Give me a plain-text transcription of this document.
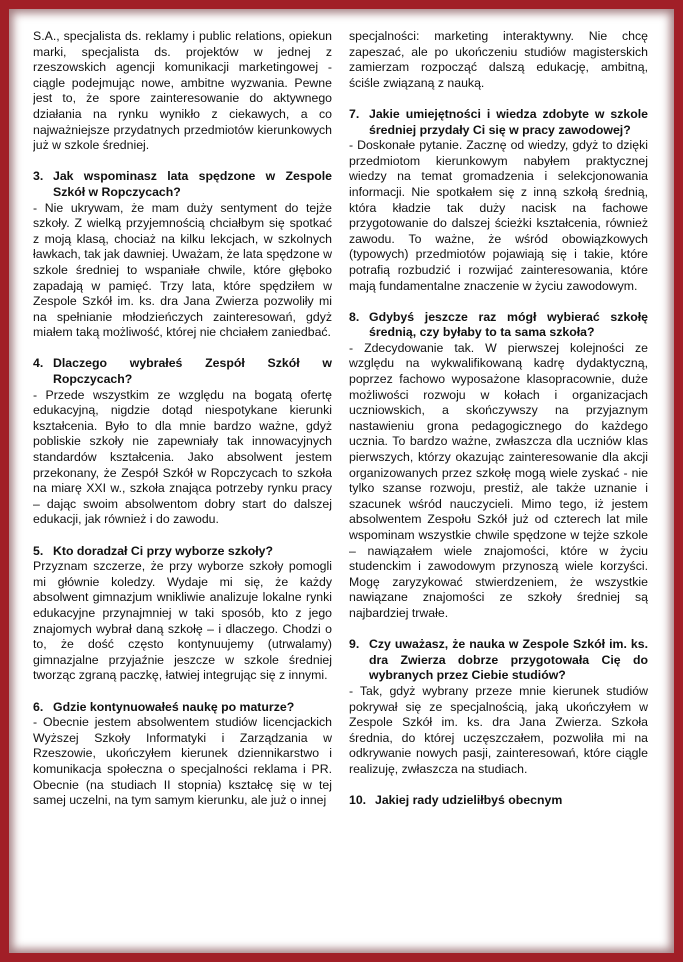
S.A., specjalista ds. reklamy i public relations, opiekun marki, specjalista ds. projektów w jednej z rzeszowskich agencji komunikacji marketingowej - ciągle podejmując nowe, ambitne wyzwania. Pewne jest to, że spore zainteresowanie do aktywnego działania na rynku wynikło z ciekawych, a co najważniejsze przydatnych przedmiotów kierunkowych już w szkole średniej.

3. Jak wspominasz lata spędzone w Zespole Szkół w Ropczycach?

- Nie ukrywam, że mam duży sentyment do tejże szkoły. Z wielką przyjemnością chciałbym się spotkać z moją klasą, chociaż na kilku lekcjach, w szkolnych ławkach, tak jak dawniej. Uważam, że lata spędzone w szkole średniej to wspaniałe chwile, które głęboko zapadają w pamięć. Trzy lata, które spędziłem w Zespole Szkół im. ks. dra Jana Zwierza pozwoliły mi na spełnianie młodzieńczych zainteresowań, gdyż miałem taką możliwość, której nie chciałem zaniedbać.

4. Dlaczego wybrałeś Zespół Szkół w Ropczycach?

- Przede wszystkim ze względu na bogatą ofertę edukacyjną, nigdzie dotąd niespotykane kierunki kształcenia. Było to dla mnie bardzo ważne, gdyż pobliskie szkoły nie zapewniały tak innowacyjnych standardów kształcenia. Jako absolwent jestem przekonany, że Zespół Szkół w Ropczycach to szkoła na miarę XXI w., szkoła znająca potrzeby rynku pracy – dając swoim absolwentom dobry start do dalszej edukacji, jak również i do zawodu.

5. Kto doradzał Ci przy wyborze szkoły?

Przyznam szczerze, że przy wyborze szkoły pomogli mi głównie koledzy. Wydaje mi się, że każdy absolwent gimnazjum wnikliwie analizuje lokalne rynki edukacyjne przynajmniej w taki sposób, kto z jego znajomych wybrał daną szkołę – i dlaczego. Chodzi o to, że dość często kontynuujemy (utrwalamy) gimnazjalne przyjaźnie jeszcze w szkole średniej tworząc zgraną paczkę, łatwiej integrując się z innymi.

6. Gdzie kontynuowałeś naukę po maturze?

- Obecnie jestem absolwentem studiów licencjackich Wyższej Szkoły Informatyki i Zarządzania w Rzeszowie, ukończyłem kierunek dziennikarstwo i komunikacja społeczna o specjalności reklama i PR. Obecnie (na studiach II stopnia) kształcę się w tej samej uczelni, na tym samym kierunku, ale już o innej

specjalności: marketing interaktywny. Nie chcę zapeszać, ale po ukończeniu studiów magisterskich zamierzam rozpocząć dalszą edukację, ambitną, ściśle związaną z nauką.

7. Jakie umiejętności i wiedza zdobyte w szkole średniej przydały Ci się w pracy zawodowej?

- Doskonałe pytanie. Zacznę od wiedzy, gdyż to dzięki przedmiotom kierunkowym nabyłem praktycznej wiedzy na temat gromadzenia i selekcjonowania informacji. Nie spotkałem się z inną szkołą średnią, która kładzie tak duży nacisk na fachowe przygotowanie do dalszej ścieżki kształcenia, również zawodu. To ważne, że wśród obowiązkowych (typowych) przedmiotów pojawiają się i takie, które potrafią rozbudzić i rozwijać zainteresowania, które mają fundamentalne znaczenie w życiu zawodowym.

8. Gdybyś jeszcze raz mógł wybierać szkołę średnią, czy byłaby to ta sama szkoła?

- Zdecydowanie tak. W pierwszej kolejności ze względu na wykwalifikowaną kadrę dydaktyczną, poprzez fachowo wyposażone klasopracownie, duże możliwości rozwoju w kołach i organizacjach uczniowskich, a skończywszy na przyjaznym nastawieniu grona pedagogicznego do każdego ucznia. To bardzo ważne, zwłaszcza dla uczniów klas pierwszych, którzy okazując zainteresowanie dla akcji organizowanych przez szkołę mogą wiele zyskać - nie tylko szanse rozwoju, prestiż, ale także uznanie i szacunek wśród nauczycieli. Mimo tego, iż jestem absolwentem Zespołu Szkół już od czterech lat mile wspominam wszystkie chwile spędzone w tejże szkole – nawiązałem wiele znajomości, które w życiu studenckim i zawodowym przynoszą wiele korzyści. Mogę zaryzykować stwierdzeniem, że wszystkie nawiązane znajomości ze szkoły średniej są najbardziej trwałe.

9. Czy uważasz, że nauka w Zespole Szkół im. ks. dra Zwierza dobrze przygotowała Cię do wybranych przez Ciebie studiów?

- Tak, gdyż wybrany przeze mnie kierunek studiów pokrywał się ze specjalnością, jaką ukończyłem w Zespole Szkół im. ks. dra Jana Zwierza. Szkoła średnia, do której uczęszczałem, pozwoliła mi na odkrywanie nowych pasji, zainteresowań, które ciągle realizuję, zwłaszcza na studiach.

10. Jakiej rady udzieliłbyś obecnym
